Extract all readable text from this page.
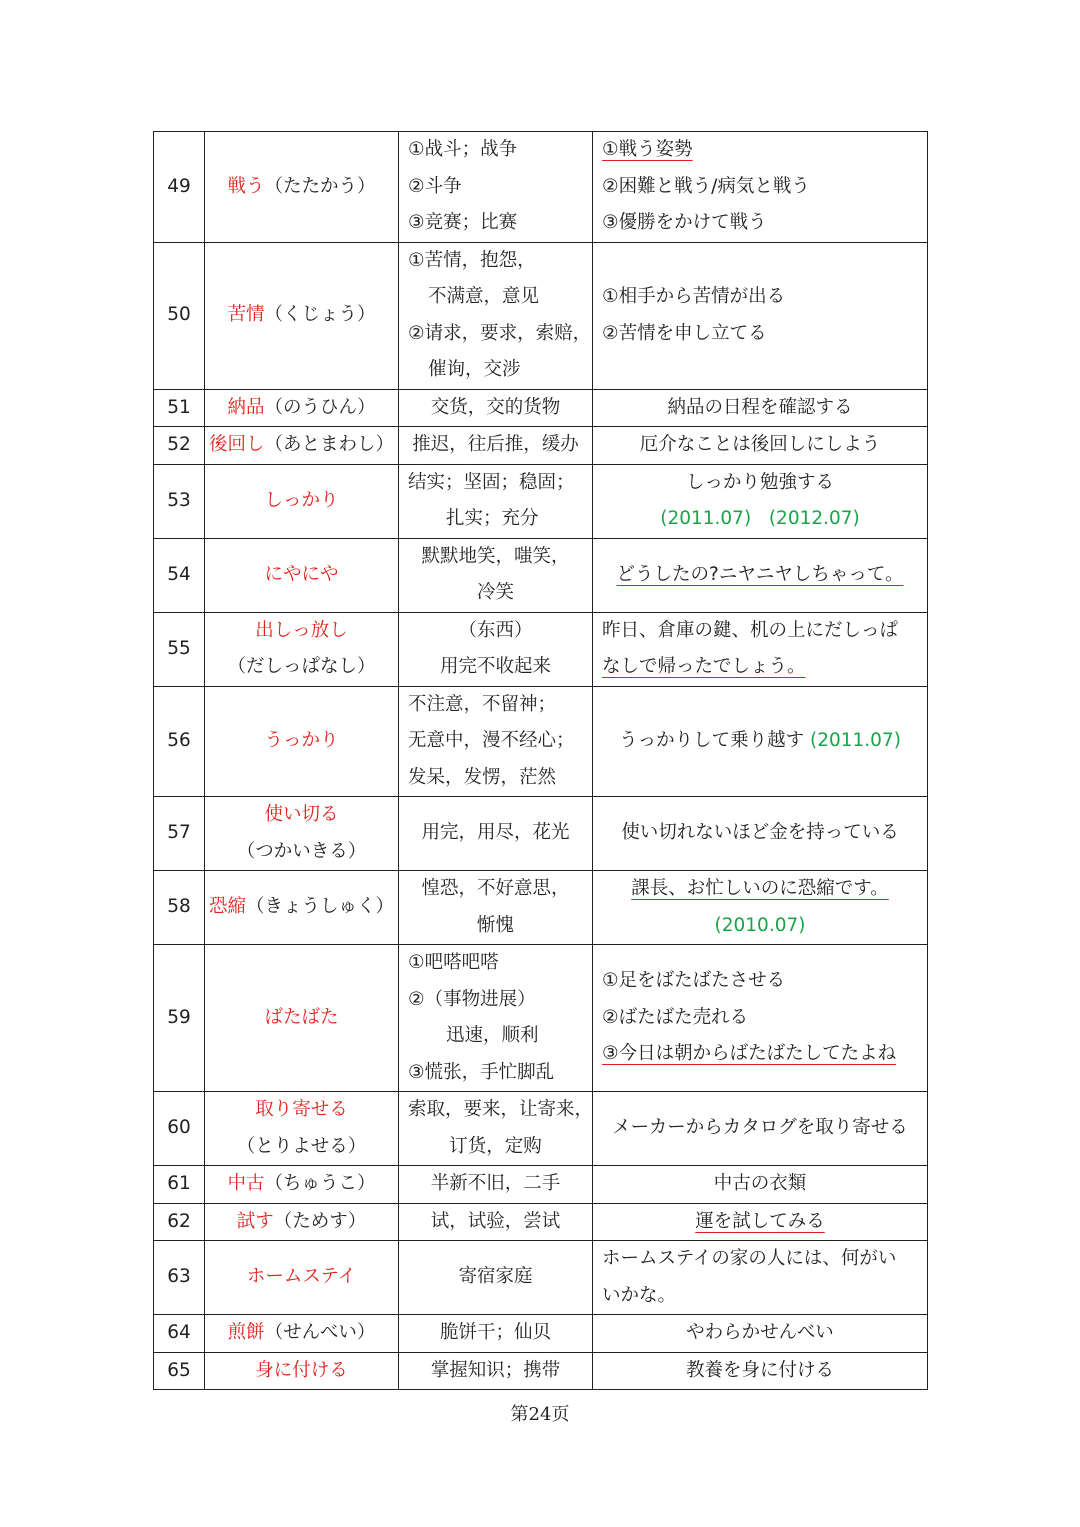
49	戦う（たたかう）	①战斗；战争
②斗争
③竞赛；比赛	①戦う姿勢
②困難と戦う/病気と戦う
③優勝をかけて戦う

50	苦情（くじょう）	①苦情，抱怨，
不满意，意见
②请求，要求，索赔，
催询，交涉	①相手から苦情が出る
②苦情を申し立てる

51	納品（のうひん）	交货，交的货物	納品の日程を確認する
52	後回し（あとまわし）	推迟，往后推，缓办	厄介なことは後回しにしよう
53	しっかり	结实；坚固；稳固；
扎实；充分	しっかり勉強する
(2011.07) (2012.07)

54	にやにや	默默地笑，嗤笑，
冷笑	どうしたの?ニヤニヤしちゃって。
55	出しっ放し
（だしっぱなし）	（东西）
用完不收起来	昨日、倉庫の鍵、机の上にだしっぱ
なしで帰ったでしょう。

56	うっかり	不注意，不留神；
无意中，漫不经心；
发呆，发愣，茫然	うっかりして乗り越す (2011.07)
57	使い切る
（つかいきる）	用完，用尽，花光	使い切れないほど金を持っている
58	恐縮（きょうしゅく）	惶恐，不好意思，
惭愧	課長、お忙しいのに恐縮です。
(2010.07)

59	ばたばた	①吧嗒吧嗒
②（事物进展）
迅速，顺利
③慌张，手忙脚乱	①足をばたばたさせる
②ばたばた売れる
③今日は朝からばたばたしてたよね

60	取り寄せる
（とりよせる）	索取，要来，让寄来，
订货，定购	メーカーからカタログを取り寄せる
61	中古（ちゅうこ）	半新不旧，二手	中古の衣類
62	試す（ためす）	试，试验，尝试	運を試してみる
63	ホームステイ	寄宿家庭	ホームステイの家の人には、何がい
いかな。

64	煎餅（せんべい）	脆饼干；仙贝	やわらかせんべい
65	身に付ける	掌握知识；携带	教養を身に付ける
第24页
